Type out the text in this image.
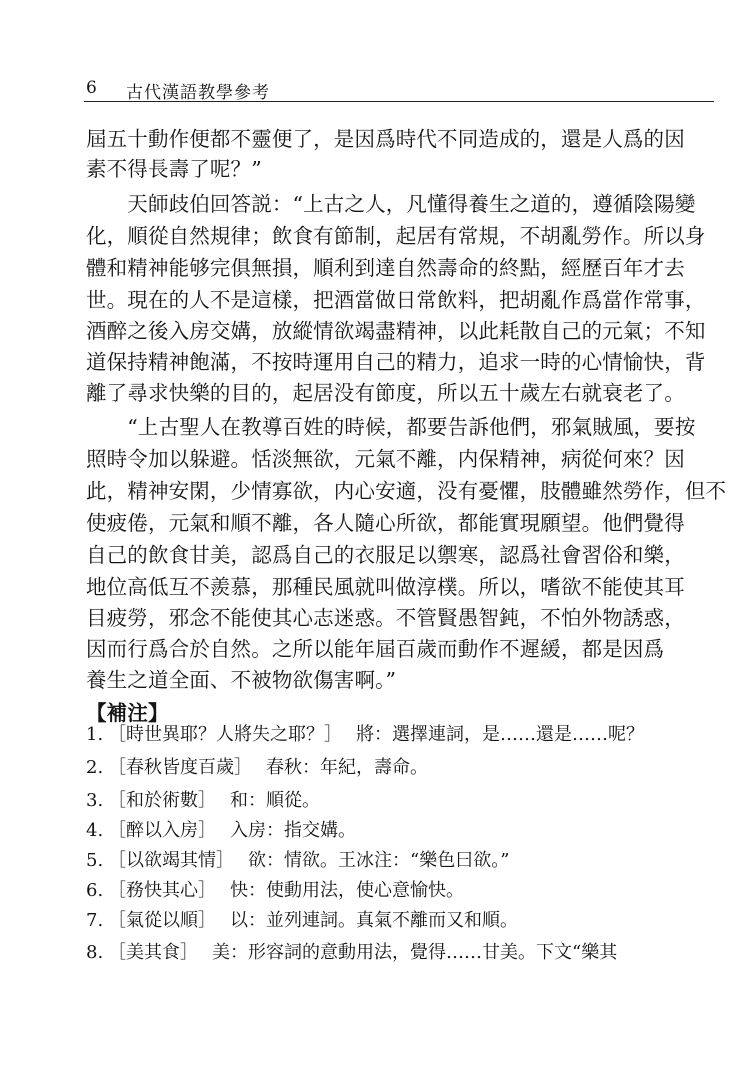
6 古代漢語教學參考
屆五十動作便都不靈便了，是因爲時代不同造成的，還是人爲的因
素不得長壽了呢？”
　　天師歧伯回答説：“上古之人，凡懂得養生之道的，遵循陰陽變
化，順從自然規律；飲食有節制，起居有常規，不胡亂勞作。所以身
體和精神能够完俱無損，順利到達自然壽命的終點，經歷百年才去
世。現在的人不是這樣，把酒當做日常飲料，把胡亂作爲當作常事，
酒醉之後入房交媾，放縱情欲竭盡精神，以此耗散自己的元氣；不知
道保持精神飽滿，不按時運用自己的精力，追求一時的心情愉快，背
離了尋求快樂的目的，起居没有節度，所以五十歲左右就衰老了。
　　“上古聖人在教導百姓的時候，都要告訴他們，邪氣賊風，要按
照時令加以躲避。恬淡無欲，元氣不離，内保精神，病從何來？因
此，精神安閑，少情寡欲，内心安適，没有憂懼，肢體雖然勞作，但不
使疲倦，元氣和順不離，各人隨心所欲，都能實現願望。他們覺得
自己的飲食甘美，認爲自己的衣服足以禦寒，認爲社會習俗和樂，
地位高低互不羨慕，那種民風就叫做淳樸。所以，嗜欲不能使其耳
目疲勞，邪念不能使其心志迷惑。不管賢愚智鈍，不怕外物誘惑，
因而行爲合於自然。之所以能年屆百歲而動作不遲緩，都是因爲
養生之道全面、不被物欲傷害啊。”
【補注】
1. ［時世異耶？人將失之耶？］ 將：選擇連詞，是……還是……呢？
2. ［春秋皆度百歲］ 春秋：年紀，壽命。
3. ［和於術數］ 和：順從。
4. ［醉以入房］ 入房：指交媾。
5. ［以欲竭其情］ 欲：情欲。王冰注：“樂色曰欲。”
6. ［務快其心］ 快：使動用法，使心意愉快。
7. ［氣從以順］ 以：並列連詞。真氣不離而又和順。
8. ［美其食］ 美：形容詞的意動用法，覺得……甘美。下文“樂其
